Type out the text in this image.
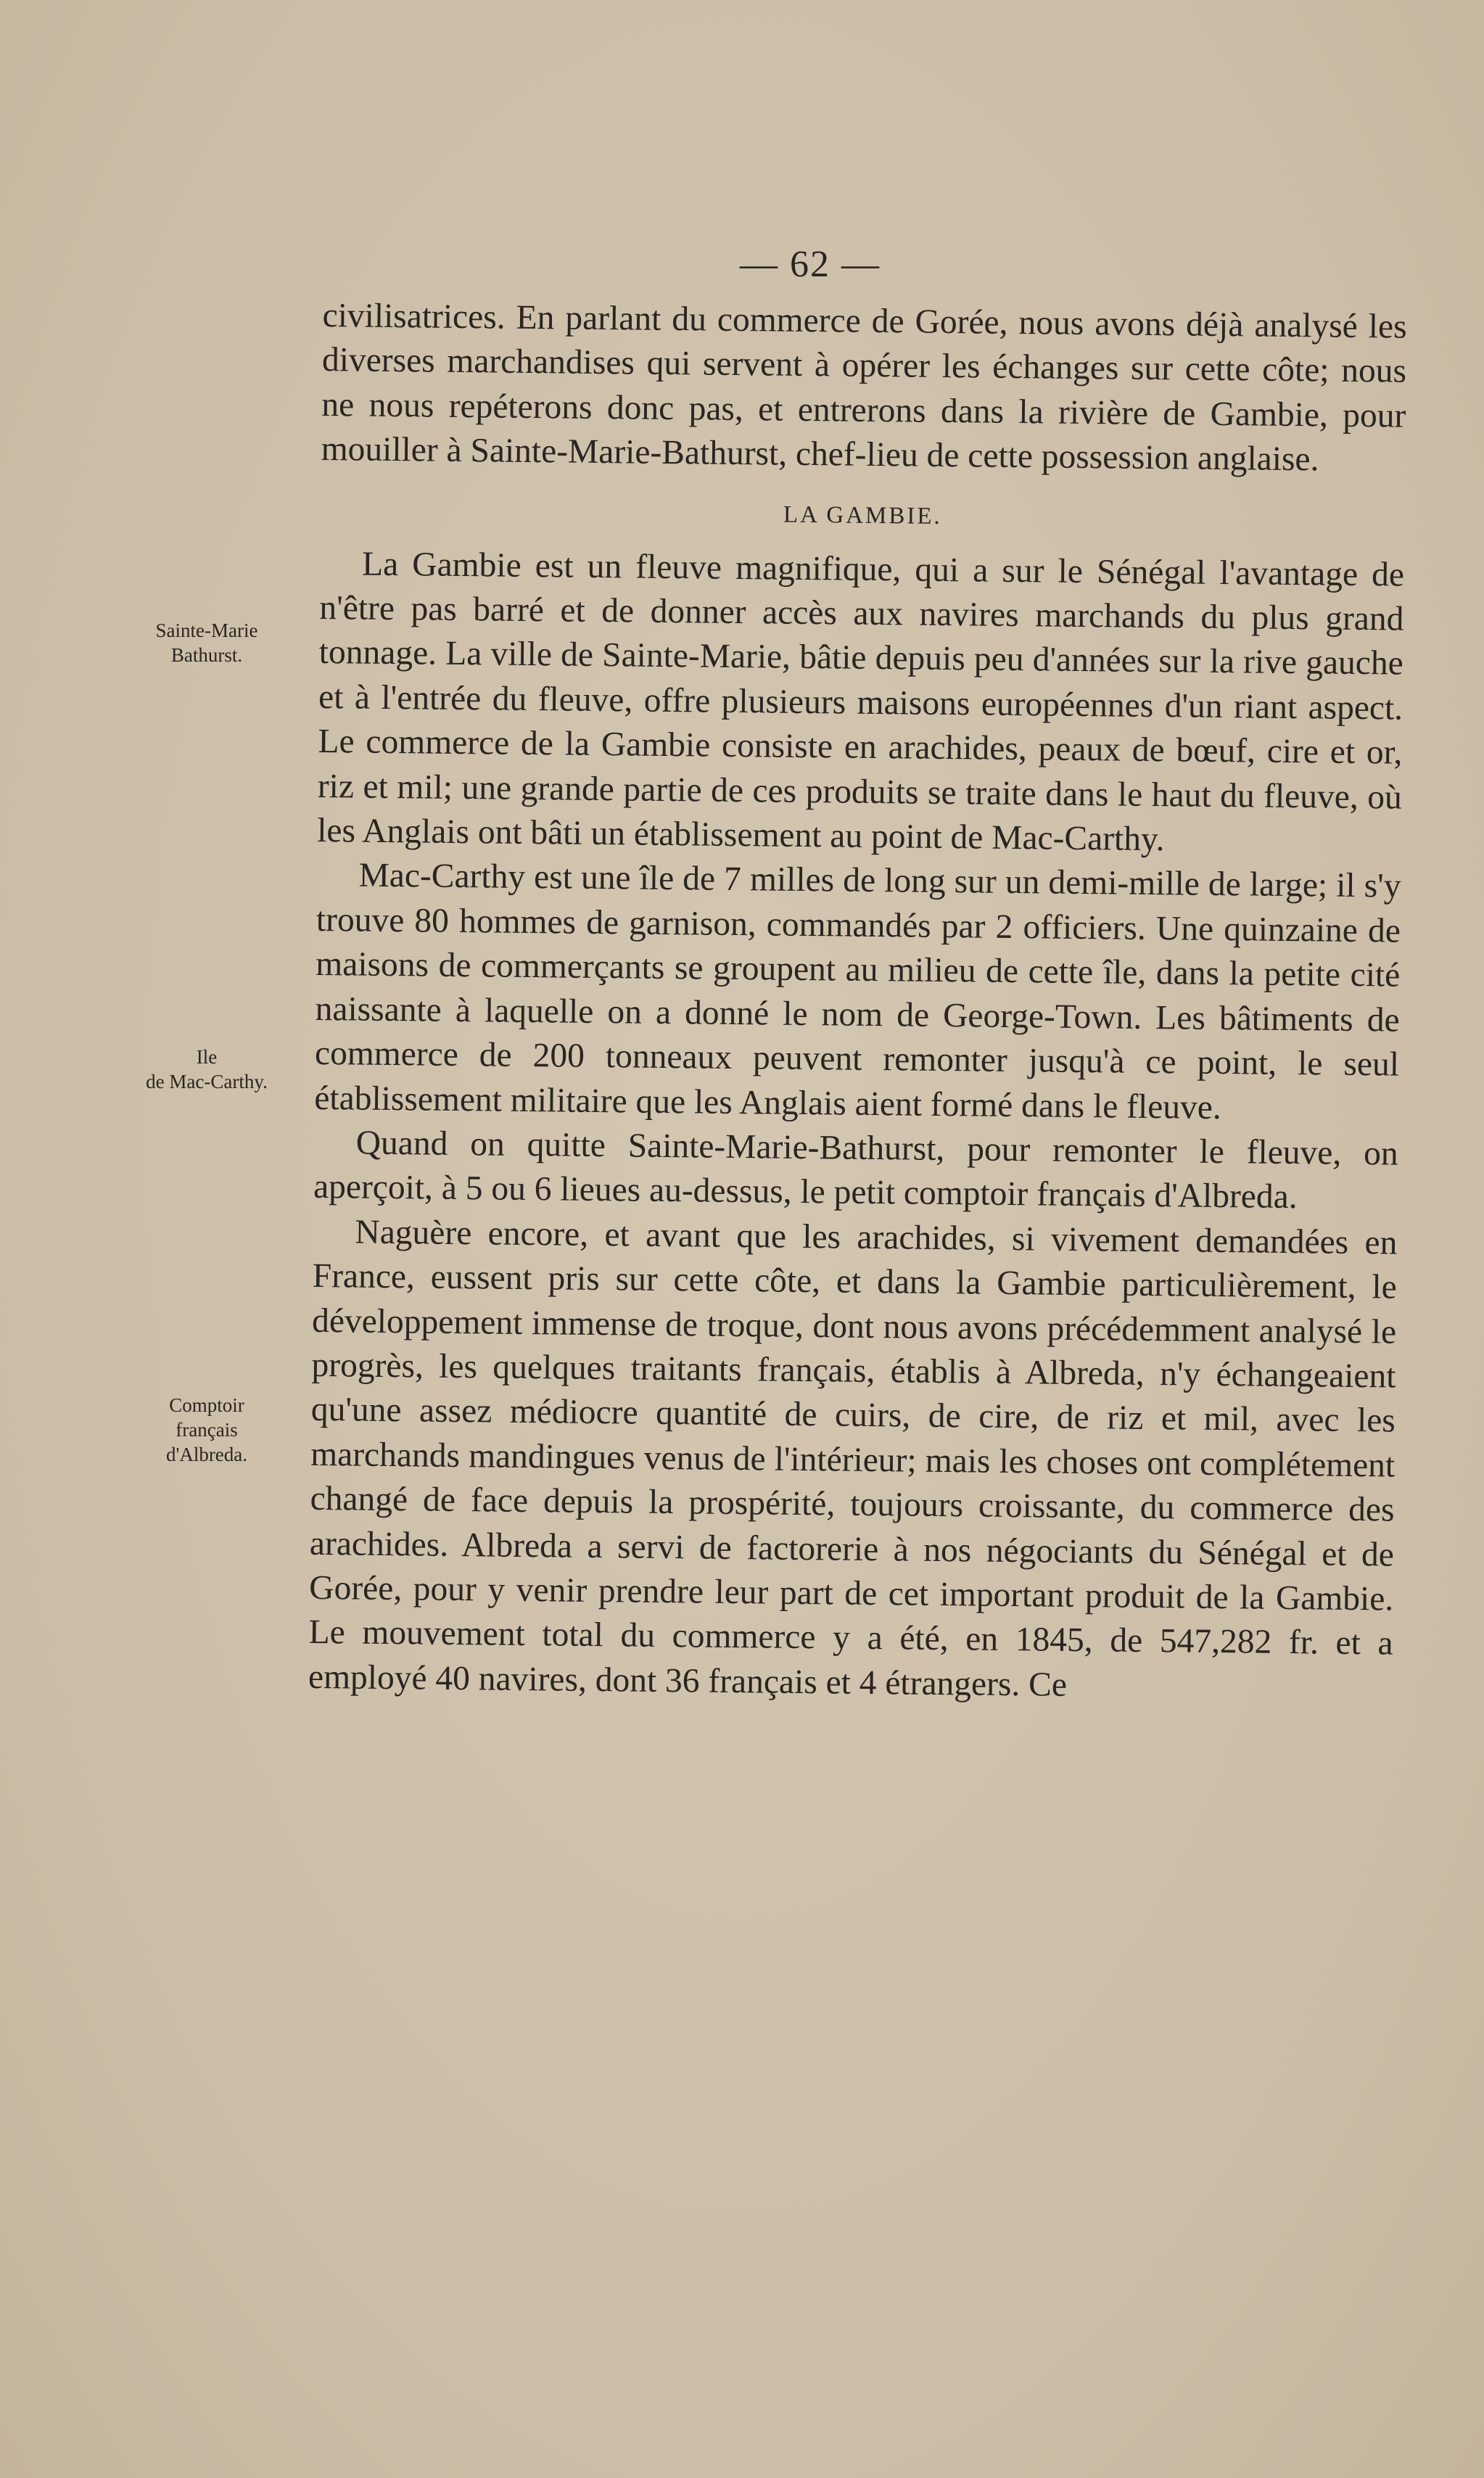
— 62 —
Sainte-Marie
Bathurst.
Ile
de Mac-Carthy.
Comptoir
français
d'Albreda.

civilisatrices. En parlant du commerce de Gorée, nous avons déjà analysé les diverses marchandises qui servent à opérer les échanges sur cette côte; nous ne nous repéterons donc pas, et entrerons dans la rivière de Gambie, pour mouiller à Sainte-Marie-Bathurst, chef-lieu de cette possession anglaise.

LA GAMBIE.

La Gambie est un fleuve magnifique, qui a sur le Sénégal l'avantage de n'être pas barré et de donner accès aux navires marchands du plus grand tonnage. La ville de Sainte-Marie, bâtie depuis peu d'années sur la rive gauche et à l'entrée du fleuve, offre plusieurs maisons européennes d'un riant aspect. Le commerce de la Gambie consiste en arachides, peaux de bœuf, cire et or, riz et mil; une grande partie de ces produits se traite dans le haut du fleuve, où les Anglais ont bâti un établissement au point de Mac-Carthy.

Mac-Carthy est une île de 7 milles de long sur un demi-mille de large; il s'y trouve 80 hommes de garnison, commandés par 2 officiers. Une quinzaine de maisons de commerçants se groupent au milieu de cette île, dans la petite cité naissante à laquelle on a donné le nom de George-Town. Les bâtiments de commerce de 200 tonneaux peuvent remonter jusqu'à ce point, le seul établissement militaire que les Anglais aient formé dans le fleuve.

Quand on quitte Sainte-Marie-Bathurst, pour remonter le fleuve, on aperçoit, à 5 ou 6 lieues au-dessus, le petit comptoir français d'Albreda.

Naguère encore, et avant que les arachides, si vivement demandées en France, eussent pris sur cette côte, et dans la Gambie particulièrement, le développement immense de troque, dont nous avons précédemment analysé le progrès, les quelques traitants français, établis à Albreda, n'y échangeaient qu'une assez médiocre quantité de cuirs, de cire, de riz et mil, avec les marchands mandingues venus de l'intérieur; mais les choses ont complétement changé de face depuis la prospérité, toujours croissante, du commerce des arachides. Albreda a servi de factorerie à nos négociants du Sénégal et de Gorée, pour y venir prendre leur part de cet important produit de la Gambie. Le mouvement total du commerce y a été, en 1845, de 547,282 fr. et a employé 40 navires, dont 36 français et 4 étrangers. Ce
